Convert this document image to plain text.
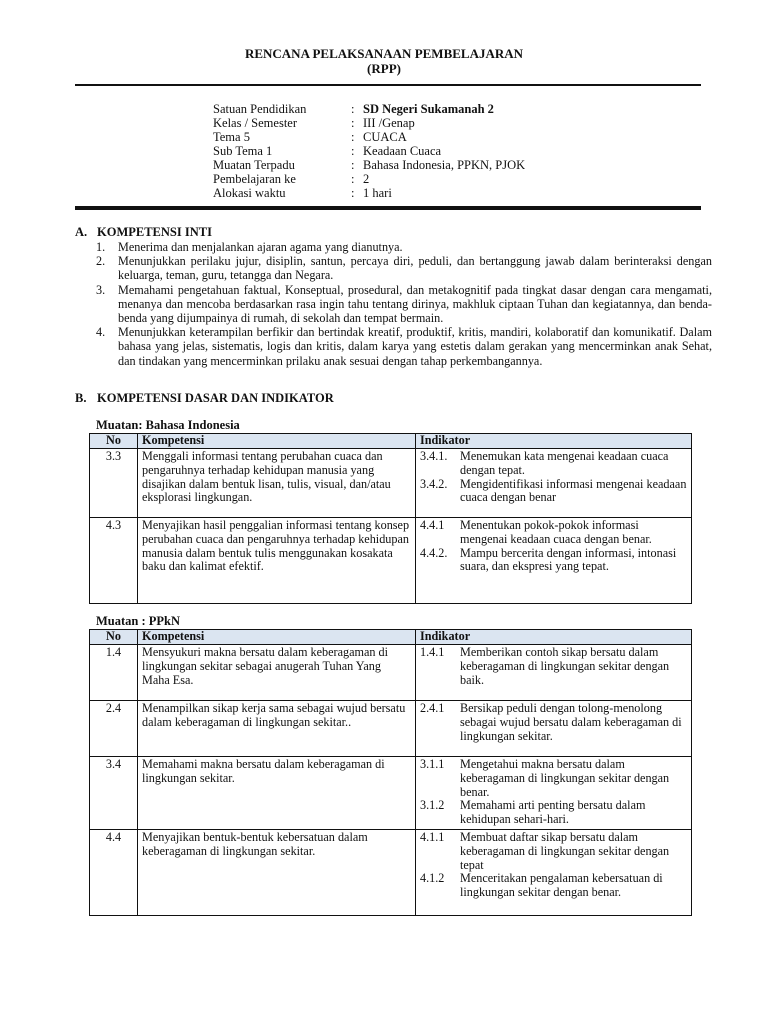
RENCANA PELAKSANAAN PEMBELAJARAN
(RPP)
Satuan Pendidikan	: SD Negeri Sukamanah 2
Kelas / Semester	: III /Genap
Tema 5	: CUACA
Sub Tema 1	: Keadaan Cuaca
Muatan Terpadu	: Bahasa Indonesia, PPKN, PJOK
Pembelajaran ke	: 2
Alokasi waktu	: 1 hari
A. KOMPETENSI INTI
1.	Menerima dan menjalankan ajaran agama yang dianutnya.
2.	Menunjukkan perilaku jujur, disiplin, santun, percaya diri, peduli, dan bertanggung jawab dalam berinteraksi dengan keluarga, teman, guru, tetangga dan Negara.
3.	Memahami pengetahuan faktual, Konseptual, prosedural, dan metakognitif pada tingkat dasar dengan cara mengamati, menanya dan mencoba berdasarkan rasa ingin tahu tentang dirinya, makhluk ciptaan Tuhan dan kegiatannya, dan benda-benda yang dijumpainya di rumah, di sekolah dan tempat bermain.
4.	Menunjukkan keterampilan berfikir dan bertindak kreatif, produktif, kritis, mandiri, kolaboratif dan komunikatif. Dalam bahasa yang jelas, sistematis, logis dan kritis, dalam karya yang estetis dalam gerakan yang mencerminkan anak Sehat, dan tindakan yang mencerminkan prilaku anak sesuai dengan tahap perkembangannya.
B. KOMPETENSI DASAR DAN INDIKATOR
Muatan: Bahasa Indonesia
No	Kompetensi	Indikator
3.3	Menggali informasi tentang perubahan cuaca dan pengaruhnya terhadap kehidupan manusia yang disajikan dalam bentuk lisan, tulis, visual, dan/atau eksplorasi lingkungan.	3.4.1. Menemukan kata mengenai keadaan cuaca dengan tepat.
3.4.2. Mengidentifikasi informasi mengenai keadaan cuaca dengan benar

4.3	Menyajikan hasil penggalian informasi tentang konsep perubahan cuaca dan pengaruhnya terhadap kehidupan manusia dalam bentuk tulis menggunakan kosakata baku dan kalimat efektif.	4.4.1 Menentukan pokok-pokok informasi mengenai keadaan cuaca dengan benar.
4.4.2. Mampu bercerita dengan informasi, intonasi suara, dan ekspresi yang tepat.
Muatan : PPkN
No	Kompetensi	Indikator
1.4	Mensyukuri makna bersatu dalam keberagaman di lingkungan sekitar sebagai anugerah Tuhan Yang Maha Esa.	1.4.1 Memberikan contoh sikap bersatu dalam keberagaman di lingkungan sekitar dengan baik.

2.4	Menampilkan sikap kerja sama sebagai wujud bersatu dalam keberagaman di lingkungan sekitar..	2.4.1 Bersikap peduli dengan tolong-menolong sebagai wujud bersatu dalam keberagaman di lingkungan sekitar.

3.4	Memahami makna bersatu dalam keberagaman di lingkungan sekitar.	3.1.1 Mengetahui makna bersatu dalam keberagaman di lingkungan sekitar dengan benar.
3.1.2 Memahami arti penting bersatu dalam kehidupan sehari-hari.

4.4	Menyajikan bentuk-bentuk kebersatuan dalam keberagaman di lingkungan sekitar.	4.1.1 Membuat daftar sikap bersatu dalam keberagaman di lingkungan sekitar dengan tepat
4.1.2 Menceritakan pengalaman kebersatuan di lingkungan sekitar dengan benar.
